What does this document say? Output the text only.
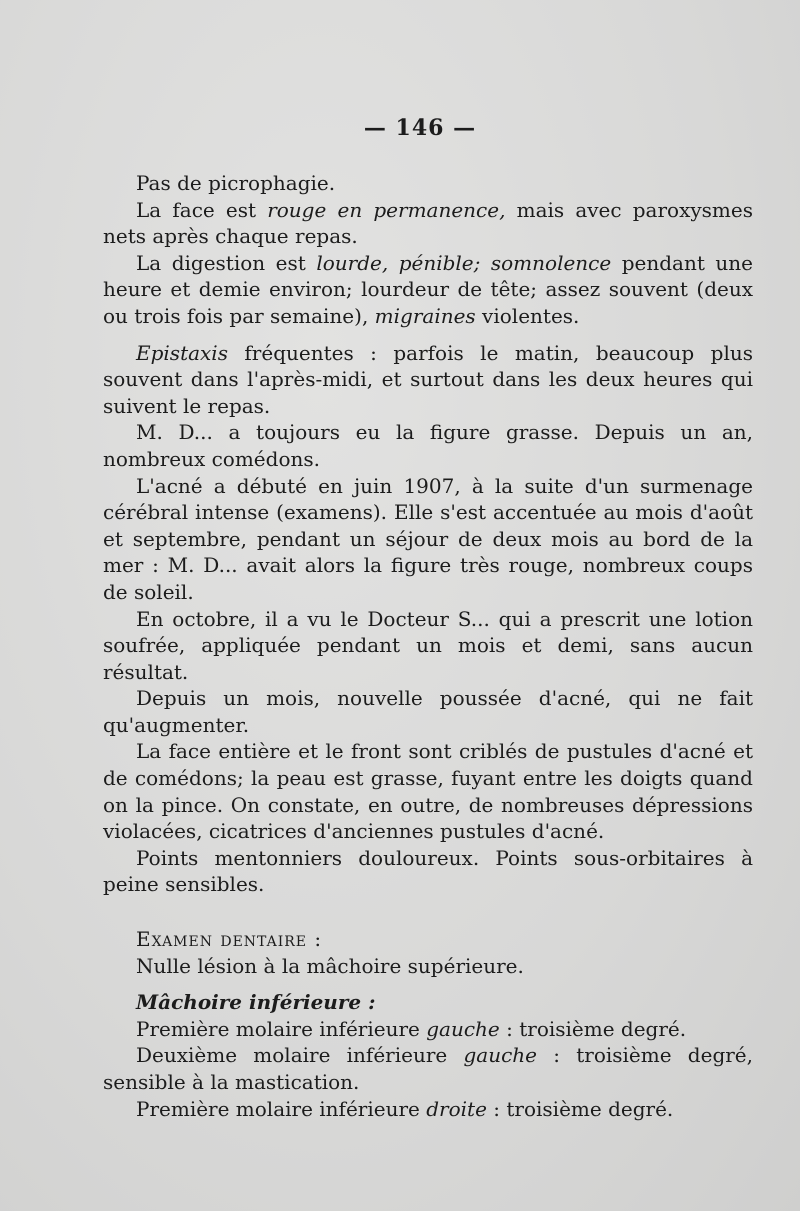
— 146 —

Pas de picrophagie.

La face est rouge en permanence, mais avec paroxysmes nets après chaque repas.

La digestion est lourde, pénible; somnolence pendant une heure et demie environ; lourdeur de tête; assez souvent (deux ou trois fois par semaine), migraines violentes.

Epistaxis fréquentes : parfois le matin, beaucoup plus souvent dans l'après-midi, et surtout dans les deux heures qui suivent le repas.

M. D... a toujours eu la figure grasse. Depuis un an, nombreux comédons.

L'acné a débuté en juin 1907, à la suite d'un surmenage cérébral intense (examens). Elle s'est accentuée au mois d'août et septembre, pendant un séjour de deux mois au bord de la mer : M. D... avait alors la figure très rouge, nombreux coups de soleil.

En octobre, il a vu le Docteur S... qui a prescrit une lotion soufrée, appliquée pendant un mois et demi, sans aucun résultat.

Depuis un mois, nouvelle poussée d'acné, qui ne fait qu'augmenter.

La face entière et le front sont criblés de pustules d'acné et de comédons; la peau est grasse, fuyant entre les doigts quand on la pince. On constate, en outre, de nombreuses dépressions violacées, cicatrices d'anciennes pustules d'acné.

Points mentonniers douloureux. Points sous-orbitaires à peine sensibles.

Examen dentaire :

Nulle lésion à la mâchoire supérieure.

Mâchoire inférieure :

Première molaire inférieure gauche : troisième degré.

Deuxième molaire inférieure gauche : troisième degré, sensible à la mastication.

Première molaire inférieure droite : troisième degré.
